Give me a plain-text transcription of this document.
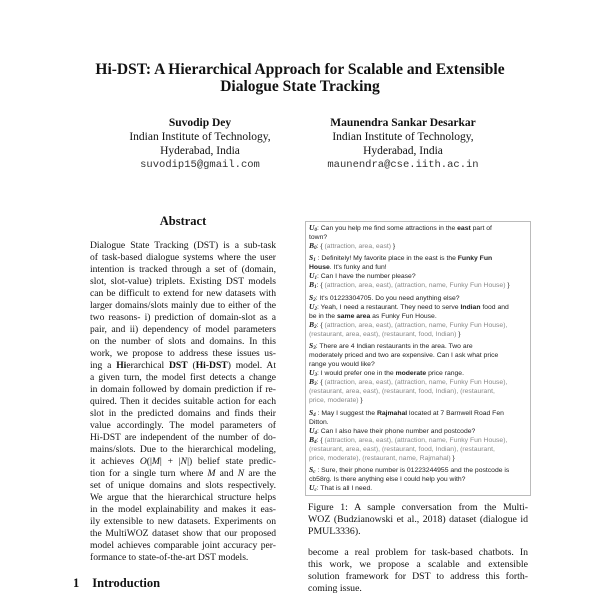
Hi-DST: A Hierarchical Approach for Scalable and Extensible
Dialogue State Tracking
Suvodip Dey
Indian Institute of Technology,
Hyderabad, India
suvodip15@gmail.com
Maunendra Sankar Desarkar
Indian Institute of Technology,
Hyderabad, India
maunendra@cse.iith.ac.in
Abstract
Dialogue State Tracking (DST) is a sub-task
of task-based dialogue systems where the user
intention is tracked through a set of (domain,
slot, slot-value) triplets. Existing DST models
can be difficult to extend for new datasets with
larger domains/slots mainly due to either of the
two reasons- i) prediction of domain-slot as a
pair, and ii) dependency of model parameters
on the number of slots and domains. In this
work, we propose to address these issues us-
ing a Hierarchical DST (Hi-DST) model. At
a given turn, the model first detects a change
in domain followed by domain prediction if re-
quired. Then it decides suitable action for each
slot in the predicted domains and finds their
value accordingly. The model parameters of
Hi-DST are independent of the number of do-
mains/slots. Due to the hierarchical modeling,
it achieves O(|M| + |N|) belief state predic-
tion for a single turn where M and N are the
set of unique domains and slots respectively.
We argue that the hierarchical structure helps
in the model explainability and makes it eas-
ily extensible to new datasets. Experiments on
the MultiWOZ dataset show that our proposed
model achieves comparable joint accuracy per-
formance to state-of-the-art DST models.
1 Introduction
$U_0$: Can you help me find some attractions in the east part of
town?
$B_0$: { (attraction, area, east) }
$S_1$ : Definitely! My favorite place in the east is the Funky Fun
House. It's funky and fun!
$U_1$: Can I have the number please?
$B_1$: { (attraction, area, east), (attraction, name, Funky Fun House) }
$S_2$: It's 01223304705. Do you need anything else?
$U_2$: Yeah, I need a restaurant. They need to serve Indian food and
be in the same area as Funky Fun House.
$B_2$: { (attraction, area, east), (attraction, name, Funky Fun House),
(restaurant, area, east), (restaurant, food, Indian) }
$S_3$: There are 4 Indian restaurants in the area. Two are
moderately priced and two are expensive. Can I ask what price
range you would like?
$U_3$: I would prefer one in the moderate price range.
$B_3$: { (attraction, area, east), (attraction, name, Funky Fun House),
(restaurant, area, east), (restaurant, food, Indian), (restaurant,
price, moderate) }
$S_4$ : May I suggest the Rajmahal located at 7 Barnwell Road Fen
Ditton.
$U_4$: Can I also have their phone number and postcode?
$B_4$: { (attraction, area, east), (attraction, name, Funky Fun House),
(restaurant, area, east), (restaurant, food, Indian), (restaurant,
price, moderate), (restaurant, name, Rajmahal) }
$S_c$ : Sure, their phone number is 01223244955 and the postcode is
cb58rg. Is there anything else I could help you with?
$U_c$: That is all I need.
Figure 1: A sample conversation from the Multi-
WOZ (Budzianowski et al., 2018) dataset (dialogue id
PMUL3336).
become a real problem for task-based chatbots. In
this work, we propose a scalable and extensible
solution framework for DST to address this forth-
coming issue.
